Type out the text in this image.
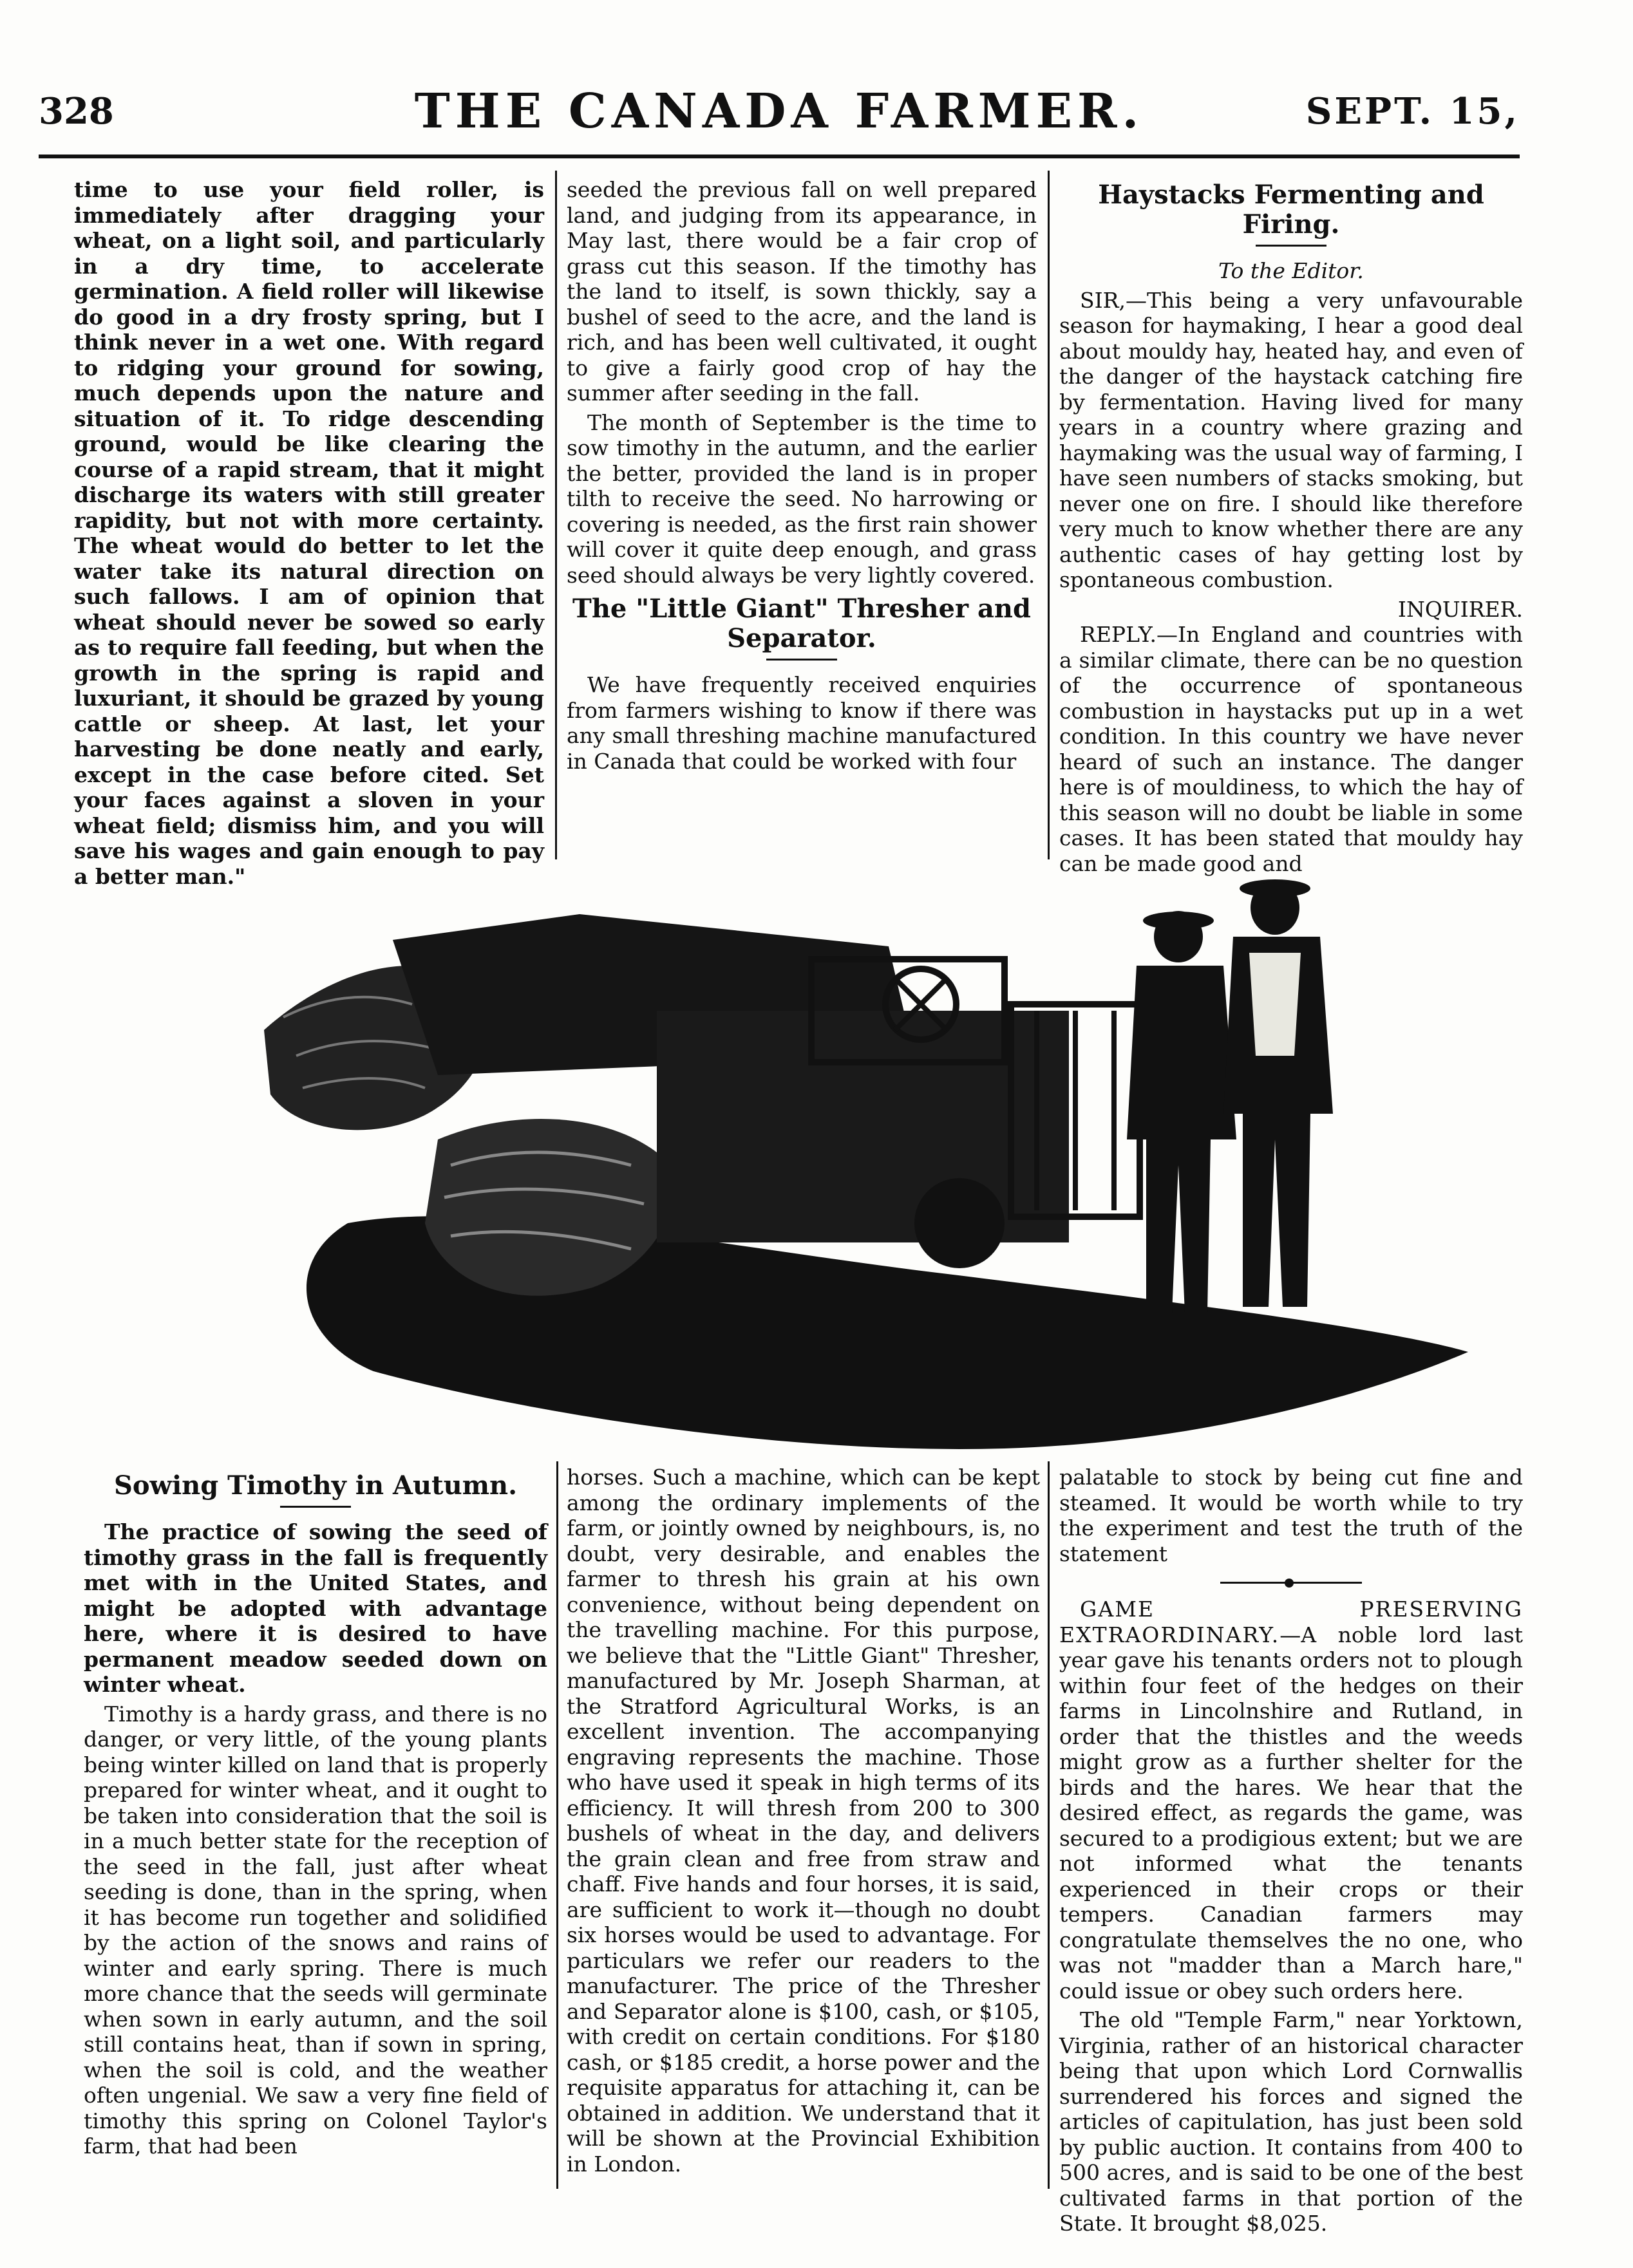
328	THE CANADA FARMER.	SEPT. 15,

time to use your field roller, is immediately after dragging your wheat, on a light soil, and particularly in a dry time, to accelerate germination. A field roller will likewise do good in a dry frosty spring, but I think never in a wet one. With regard to ridging your ground for sowing, much depends upon the nature and situation of it. To ridge descending ground, would be like clearing the course of a rapid stream, that it might discharge its waters with still greater rapidity, but not with more certainty. The wheat would do better to let the water take its natural direction on such fallows. I am of opinion that wheat should never be sowed so early as to require fall feeding, but when the growth in the spring is rapid and luxuriant, it should be grazed by young cattle or sheep. At last, let your harvesting be done neatly and early, except in the case before cited. Set your faces against a sloven in your wheat field; dismiss him, and you will save his wages and gain enough to pay a better man."

seeded the previous fall on well prepared land, and judging from its appearance, in May last, there would be a fair crop of grass cut this season. If the timothy has the land to itself, is sown thickly, say a bushel of seed to the acre, and the land is rich, and has been well cultivated, it ought to give a fairly good crop of hay the summer after seeding in the fall.

The month of September is the time to sow timothy in the autumn, and the earlier the better, provided the land is in proper tilth to receive the seed. No harrowing or covering is needed, as the first rain shower will cover it quite deep enough, and grass seed should always be very lightly covered.

The "Little Giant" Thresher and Separator.

We have frequently received enquiries from farmers wishing to know if there was any small threshing machine manufactured in Canada that could be worked with four

Haystacks Fermenting and Firing.
To the Editor.

SIR,—This being a very unfavourable season for haymaking, I hear a good deal about mouldy hay, heated hay, and even of the danger of the haystack catching fire by fermentation. Having lived for many years in a country where grazing and haymaking was the usual way of farming, I have seen numbers of stacks smoking, but never one on fire. I should like therefore very much to know whether there are any authentic cases of hay getting lost by spontaneous combustion.

INQUIRER.

REPLY.—In England and countries with a similar climate, there can be no question of the occurrence of spontaneous combustion in haystacks put up in a wet condition. In this country we have never heard of such an instance. The danger here is of mouldiness, to which the hay of this season will no doubt be liable in some cases. It has been stated that mouldy hay can be made good and

Sowing Timothy in Autumn.

The practice of sowing the seed of timothy grass in the fall is frequently met with in the United States, and might be adopted with advantage here, where it is desired to have permanent meadow seeded down on winter wheat.

Timothy is a hardy grass, and there is no danger, or very little, of the young plants being winter killed on land that is properly prepared for winter wheat, and it ought to be taken into consideration that the soil is in a much better state for the reception of the seed in the fall, just after wheat seeding is done, than in the spring, when it has become run together and solidified by the action of the snows and rains of winter and early spring. There is much more chance that the seeds will germinate when sown in early autumn, and the soil still contains heat, than if sown in spring, when the soil is cold, and the weather often ungenial. We saw a very fine field of timothy this spring on Colonel Taylor's farm, that had been

horses. Such a machine, which can be kept among the ordinary implements of the farm, or jointly owned by neighbours, is, no doubt, very desirable, and enables the farmer to thresh his grain at his own convenience, without being dependent on the travelling machine. For this purpose, we believe that the "Little Giant" Thresher, manufactured by Mr. Joseph Sharman, at the Stratford Agricultural Works, is an excellent invention. The accompanying engraving represents the machine. Those who have used it speak in high terms of its efficiency. It will thresh from 200 to 300 bushels of wheat in the day, and delivers the grain clean and free from straw and chaff. Five hands and four horses, it is said, are sufficient to work it—though no doubt six horses would be used to advantage. For particulars we refer our readers to the manufacturer. The price of the Thresher and Separator alone is $100, cash, or $105, with credit on certain conditions. For $180 cash, or $185 credit, a horse power and the requisite apparatus for attaching it, can be obtained in addition. We understand that it will be shown at the Provincial Exhibition in London.

palatable to stock by being cut fine and steamed. It would be worth while to try the experiment and test the truth of the statement

GAME PRESERVING EXTRAORDINARY.—A noble lord last year gave his tenants orders not to plough within four feet of the hedges on their farms in Lincolnshire and Rutland, in order that the thistles and the weeds might grow as a further shelter for the birds and the hares. We hear that the desired effect, as regards the game, was secured to a prodigious extent; but we are not informed what the tenants experienced in their crops or their tempers. Canadian farmers may congratulate themselves the no one, who was not "madder than a March hare," could issue or obey such orders here.

The old "Temple Farm," near Yorktown, Virginia, rather of an historical character being that upon which Lord Cornwallis surrendered his forces and signed the articles of capitulation, has just been sold by public auction. It contains from 400 to 500 acres, and is said to be one of the best cultivated farms in that portion of the State. It brought $8,025.
